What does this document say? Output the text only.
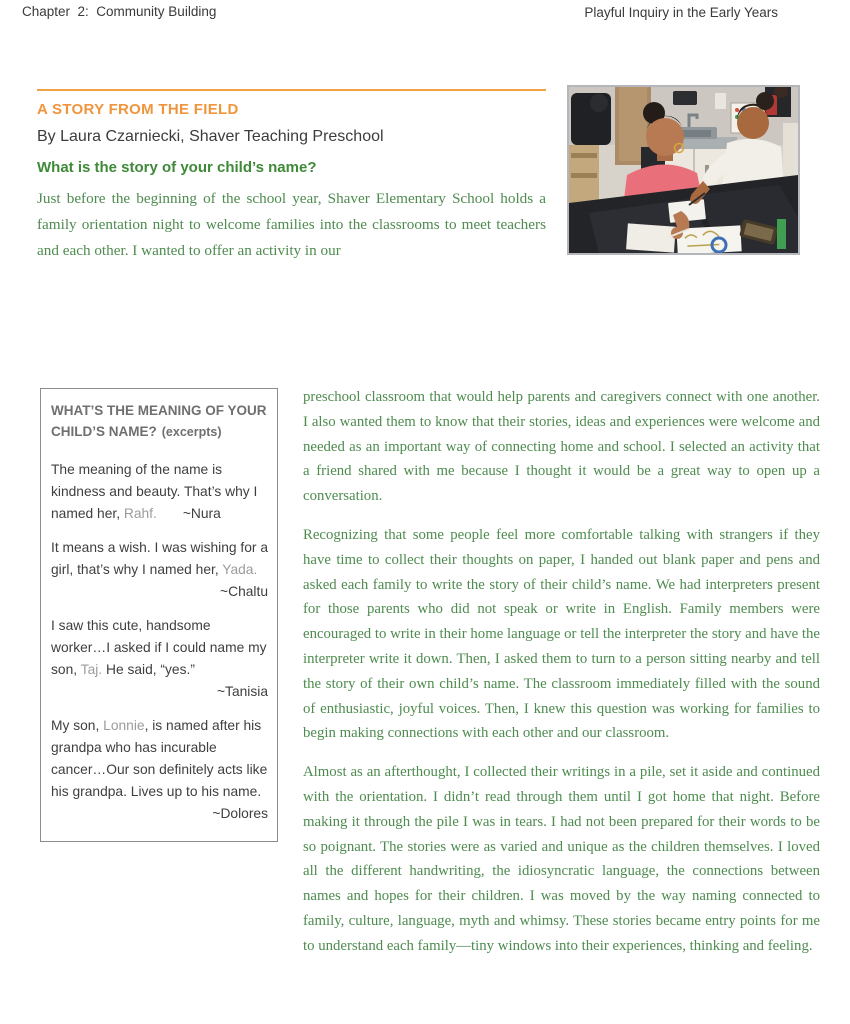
Chapter  2:  Community Building	Playful Inquiry in the Early Years
A STORY FROM THE FIELD
By Laura Czarniecki, Shaver Teaching Preschool
What is the story of your child’s name?

Just before the beginning of the school year, Shaver Elementary School holds a family orientation night to welcome families into the classrooms to meet teachers and each other. I wanted to offer an activity in our

WHAT’S THE MEANING OF YOUR CHILD’S NAME? (excerpts)
The meaning of the name is kindness and beauty. That’s why I named her, Rahf. ~Nura
It means a wish. I was wishing for a girl, that’s why I named her, Yada.
~Chaltu
I saw this cute, handsome worker…I asked if I could name my son, Taj. He said, “yes.”
~Tanisia
My son, Lonnie, is named after his grandpa who has incurable cancer…Our son definitely acts like his grandpa. Lives up to his name.
~Dolores

preschool classroom that would help parents and caregivers connect with one another. I also wanted them to know that their stories, ideas and experiences were welcome and needed as an important way of connecting home and school. I selected an activity that a friend shared with me because I thought it would be a great way to open up a conversation.

Recognizing that some people feel more comfortable talking with strangers if they have time to collect their thoughts on paper, I handed out blank paper and pens and asked each family to write the story of their child’s name. We had interpreters present for those parents who did not speak or write in English. Family members were encouraged to write in their home language or tell the interpreter the story and have the interpreter write it down. Then, I asked them to turn to a person sitting nearby and tell the story of their own child’s name. The classroom immediately filled with the sound of enthusiastic, joyful voices. Then, I knew this question was working for families to begin making connections with each other and our classroom.

Almost as an afterthought, I collected their writings in a pile, set it aside and continued with the orientation. I didn’t read through them until I got home that night. Before making it through the pile I was in tears. I had not been prepared for their words to be so poignant. The stories were as varied and unique as the children themselves. I loved all the different handwriting, the idiosyncratic language, the connections between names and hopes for their children. I was moved by the way naming connected to family, culture, language, myth and whimsy. These stories became entry points for me to understand each family—tiny windows into their experiences, thinking and feeling.
